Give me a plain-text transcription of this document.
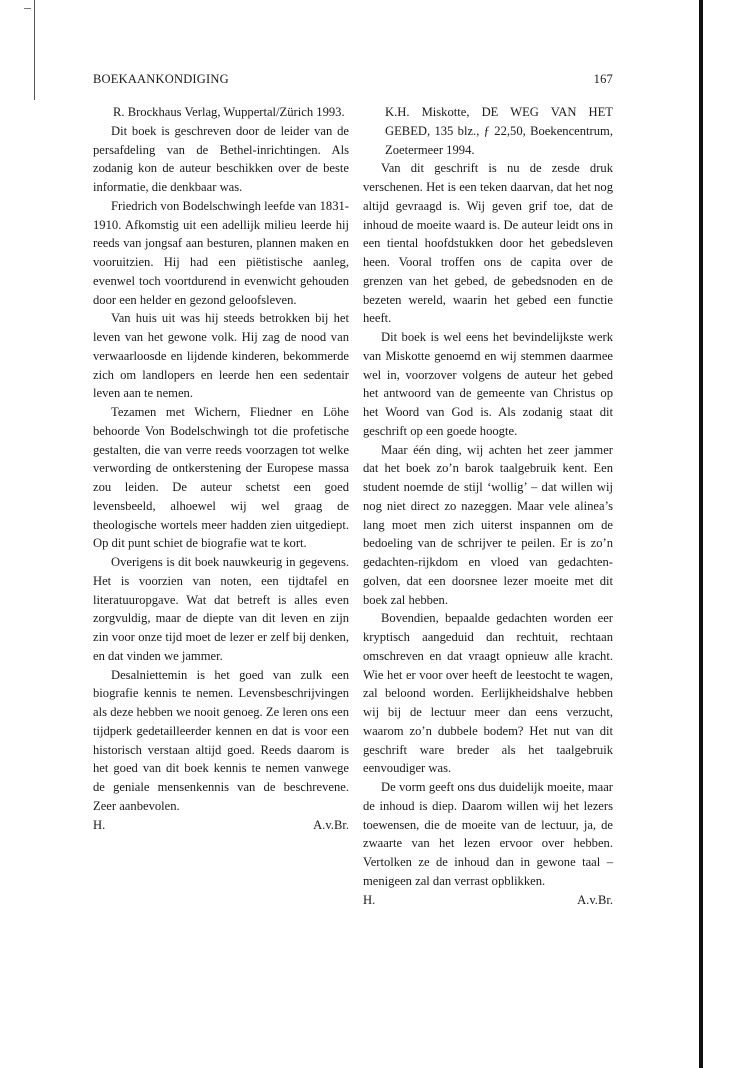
BOEKAANKONDIGING	167

R. Brockhaus Verlag, Wuppertal/Zürich 1993.

Dit boek is geschreven door de leider van de persafdeling van de Bethel-inrichtingen. Als zodanig kon de auteur beschikken over de beste informatie, die denkbaar was.

Friedrich von Bodelschwingh leefde van 1831-1910. Afkomstig uit een adellijk milieu leerde hij reeds van jongsaf aan besturen, plannen maken en vooruitzien. Hij had een piëtistische aanleg, evenwel toch voortdurend in evenwicht gehouden door een helder en gezond geloofsleven.

Van huis uit was hij steeds betrokken bij het leven van het gewone volk. Hij zag de nood van verwaarloosde en lijdende kinderen, bekommerde zich om landlopers en leerde hen een sedentair leven aan te nemen.

Tezamen met Wichern, Fliedner en Löhe behoorde Von Bodelschwingh tot die profetische gestalten, die van verre reeds voorzagen tot welke verwording de ontkerstening der Europese massa zou leiden. De auteur schetst een goed levensbeeld, alhoewel wij wel graag de theologische wortels meer hadden zien uitgediept. Op dit punt schiet de biografie wat te kort.

Overigens is dit boek nauwkeurig in gegevens. Het is voorzien van noten, een tijdtafel en literatuuropgave. Wat dat betreft is alles even zorgvuldig, maar de diepte van dit leven en zijn zin voor onze tijd moet de lezer er zelf bij denken, en dat vinden we jammer.

Desalniettemin is het goed van zulk een biografie kennis te nemen. Levensbeschrijvingen als deze hebben we nooit genoeg. Ze leren ons een tijdperk gedetailleerder kennen en dat is voor een historisch verstaan altijd goed. Reeds daarom is het goed van dit boek kennis te nemen vanwege de geniale mensenkennis van de beschrevene. Zeer aanbevolen.

H.	A.v.Br.

K.H. Miskotte, DE WEG VAN HET GEBED, 135 blz., ƒ 22,50, Boekencentrum, Zoetermeer 1994.

Van dit geschrift is nu de zesde druk verschenen. Het is een teken daarvan, dat het nog altijd gevraagd is. Wij geven grif toe, dat de inhoud de moeite waard is. De auteur leidt ons in een tiental hoofdstukken door het gebedsleven heen. Vooral troffen ons de capita over de grenzen van het gebed, de gebedsnoden en de bezeten wereld, waarin het gebed een functie heeft.

Dit boek is wel eens het bevindelijkste werk van Miskotte genoemd en wij stemmen daarmee wel in, voorzover volgens de auteur het gebed het antwoord van de gemeente van Christus op het Woord van God is. Als zodanig staat dit geschrift op een goede hoogte.

Maar één ding, wij achten het zeer jammer dat het boek zo’n barok taalgebruik kent. Een student noemde de stijl ‘wollig’ – dat willen wij nog niet direct zo nazeggen. Maar vele alinea’s lang moet men zich uiterst inspannen om de bedoeling van de schrijver te peilen. Er is zo’n gedachten-rijkdom en vloed van gedachten-golven, dat een doorsnee lezer moeite met dit boek zal hebben.

Bovendien, bepaalde gedachten worden eer kryptisch aangeduid dan rechtuit, rechtaan omschreven en dat vraagt opnieuw alle kracht. Wie het er voor over heeft de leestocht te wagen, zal beloond worden. Eerlijkheidshalve hebben wij bij de lectuur meer dan eens verzucht, waarom zo’n dubbele bodem? Het nut van dit geschrift ware breder als het taalgebruik eenvoudiger was.

De vorm geeft ons dus duidelijk moeite, maar de inhoud is diep. Daarom willen wij het lezers toewensen, die de moeite van de lectuur, ja, de zwaarte van het lezen ervoor over hebben. Vertolken ze de inhoud dan in gewone taal – menigeen zal dan verrast opblikken.

H.	A.v.Br.
